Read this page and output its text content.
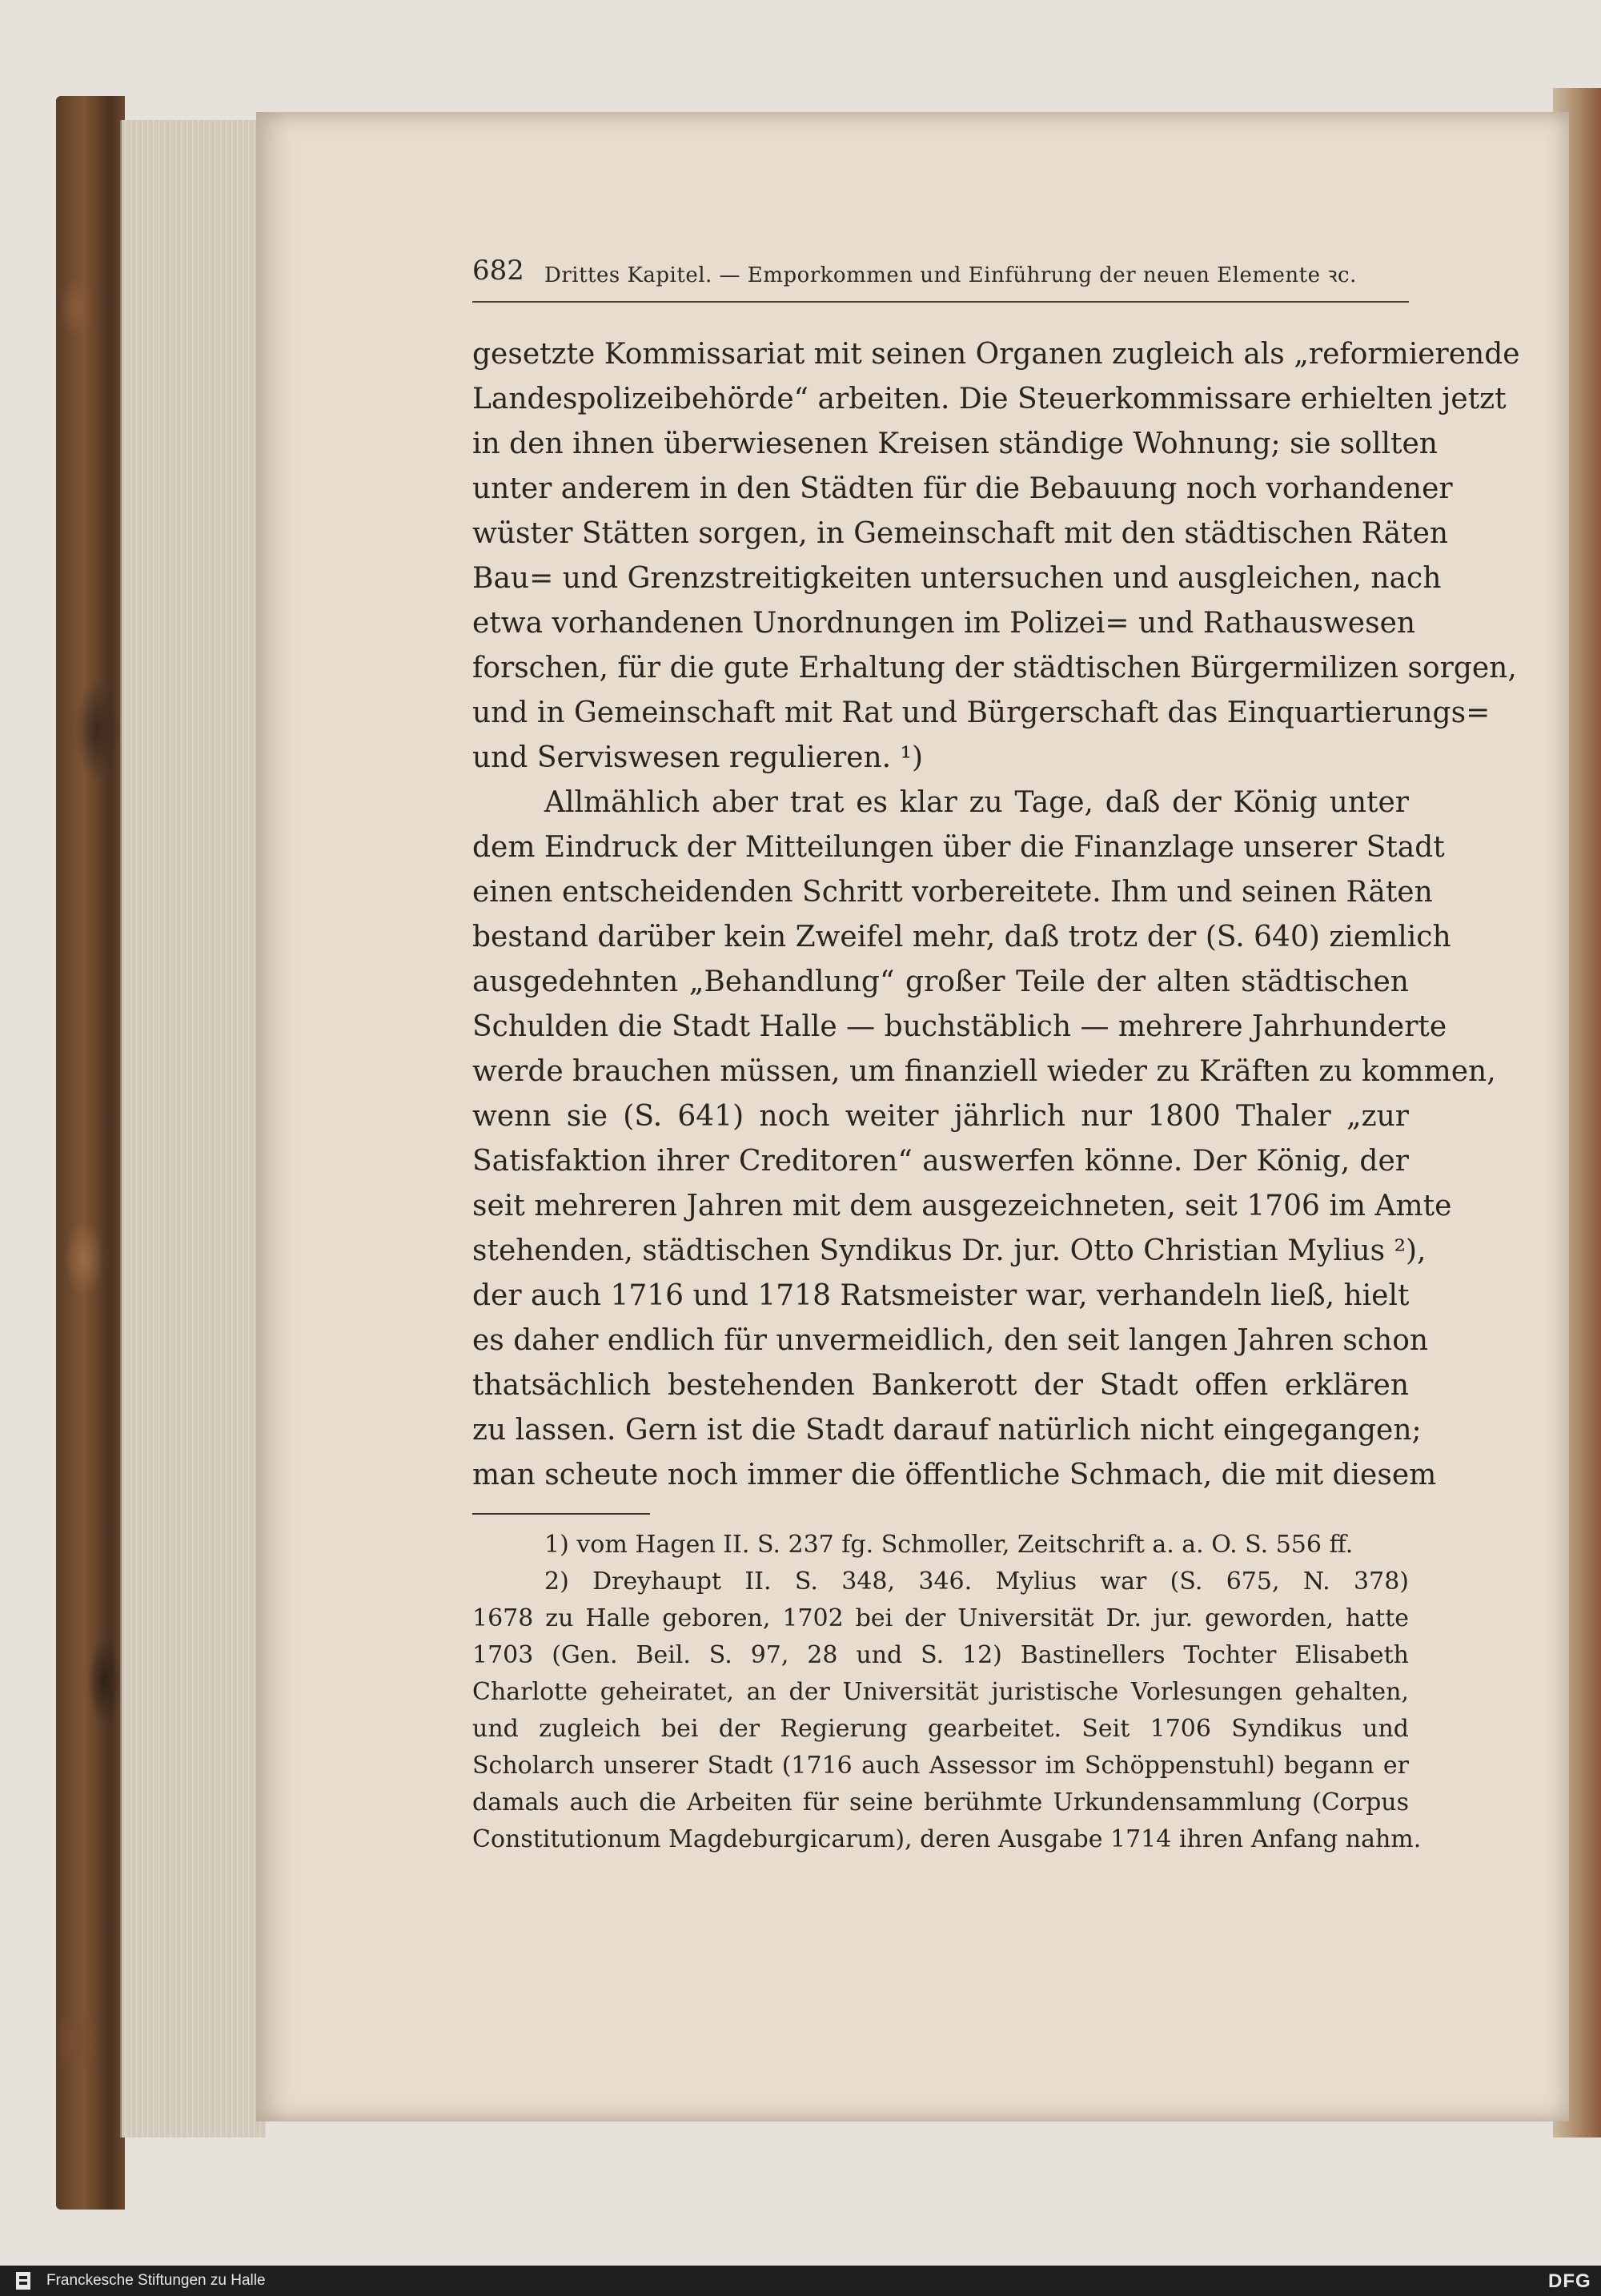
682 Drittes Kapitel. — Emporkommen und Einführung der neuen Elemente ꝛc.
gesetzte Kommissariat mit seinen Organen zugleich als „reformierende
Landespolizeibehörde“ arbeiten. Die Steuerkommissare erhielten jetzt
in den ihnen überwiesenen Kreisen ständige Wohnung; sie sollten
unter anderem in den Städten für die Bebauung noch vorhandener
wüster Stätten sorgen, in Gemeinschaft mit den städtischen Räten
Bau= und Grenzstreitigkeiten untersuchen und ausgleichen, nach
etwa vorhandenen Unordnungen im Polizei= und Rathauswesen
forschen, für die gute Erhaltung der städtischen Bürgermilizen sorgen,
und in Gemeinschaft mit Rat und Bürgerschaft das Einquartierungs=
und Serviswesen regulieren. ¹)
Allmählich aber trat es klar zu Tage, daß der König unter
dem Eindruck der Mitteilungen über die Finanzlage unserer Stadt
einen entscheidenden Schritt vorbereitete. Ihm und seinen Räten
bestand darüber kein Zweifel mehr, daß trotz der (S. 640) ziemlich
ausgedehnten „Behandlung“ großer Teile der alten städtischen
Schulden die Stadt Halle — buchstäblich — mehrere Jahrhunderte
werde brauchen müssen, um finanziell wieder zu Kräften zu kommen,
wenn sie (S. 641) noch weiter jährlich nur 1800 Thaler „zur
Satisfaktion ihrer Creditoren“ auswerfen könne. Der König, der
seit mehreren Jahren mit dem ausgezeichneten, seit 1706 im Amte
stehenden, städtischen Syndikus Dr. jur. Otto Christian Mylius ²),
der auch 1716 und 1718 Ratsmeister war, verhandeln ließ, hielt
es daher endlich für unvermeidlich, den seit langen Jahren schon
thatsächlich bestehenden Bankerott der Stadt offen erklären
zu lassen. Gern ist die Stadt darauf natürlich nicht eingegangen;
man scheute noch immer die öffentliche Schmach, die mit diesem
1) vom Hagen II. S. 237 fg. Schmoller, Zeitschrift a. a. O. S. 556 ff.
2) Dreyhaupt II. S. 348, 346. Mylius war (S. 675, N. 378)
1678 zu Halle geboren, 1702 bei der Universität Dr. jur. geworden, hatte
1703 (Gen. Beil. S. 97, 28 und S. 12) Bastinellers Tochter Elisabeth
Charlotte geheiratet, an der Universität juristische Vorlesungen gehalten,
und zugleich bei der Regierung gearbeitet. Seit 1706 Syndikus und
Scholarch unserer Stadt (1716 auch Assessor im Schöppenstuhl) begann er
damals auch die Arbeiten für seine berühmte Urkundensammlung (Corpus
Constitutionum Magdeburgicarum), deren Ausgabe 1714 ihren Anfang nahm.
Franckesche Stiftungen zu Halle	DFG
